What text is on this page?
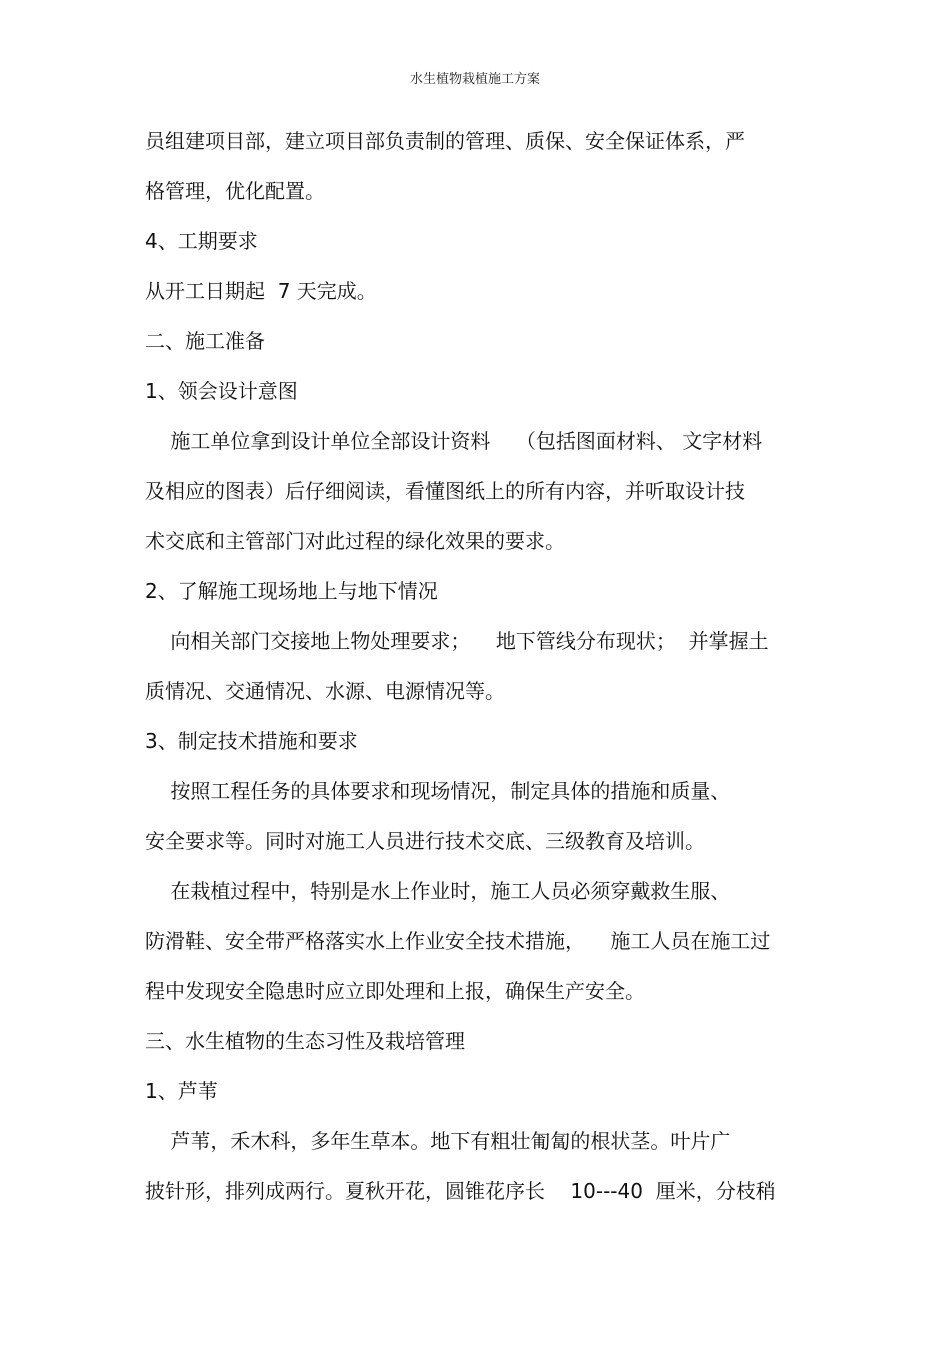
水生植物栽植施工方案
员组建项目部，建立项目部负责制的管理、质保、安全保证体系，严
格管理，优化配置。
4、工期要求
从开工日期起  7 天完成。
二、施工准备
1、领会设计意图
施工单位拿到设计单位全部设计资料    （包括图面材料、 文字材料
及相应的图表）后仔细阅读，看懂图纸上的所有内容，并听取设计技
术交底和主管部门对此过程的绿化效果的要求。
2、了解施工现场地上与地下情况
向相关部门交接地上物处理要求；    地下管线分布现状；  并掌握土
质情况、交通情况、水源、电源情况等。
3、制定技术措施和要求
按照工程任务的具体要求和现场情况，制定具体的措施和质量、
安全要求等。同时对施工人员进行技术交底、三级教育及培训。
在栽植过程中，特别是水上作业时，施工人员必须穿戴救生服、
防滑鞋、安全带严格落实水上作业安全技术措施，    施工人员在施工过
程中发现安全隐患时应立即处理和上报，确保生产安全。
三、水生植物的生态习性及栽培管理
1、芦苇
芦苇，禾木科，多年生草本。地下有粗壮匍匐的根状茎。叶片广
披针形，排列成两行。夏秋开花，圆锥花序长    10---40  厘米，分枝稍
